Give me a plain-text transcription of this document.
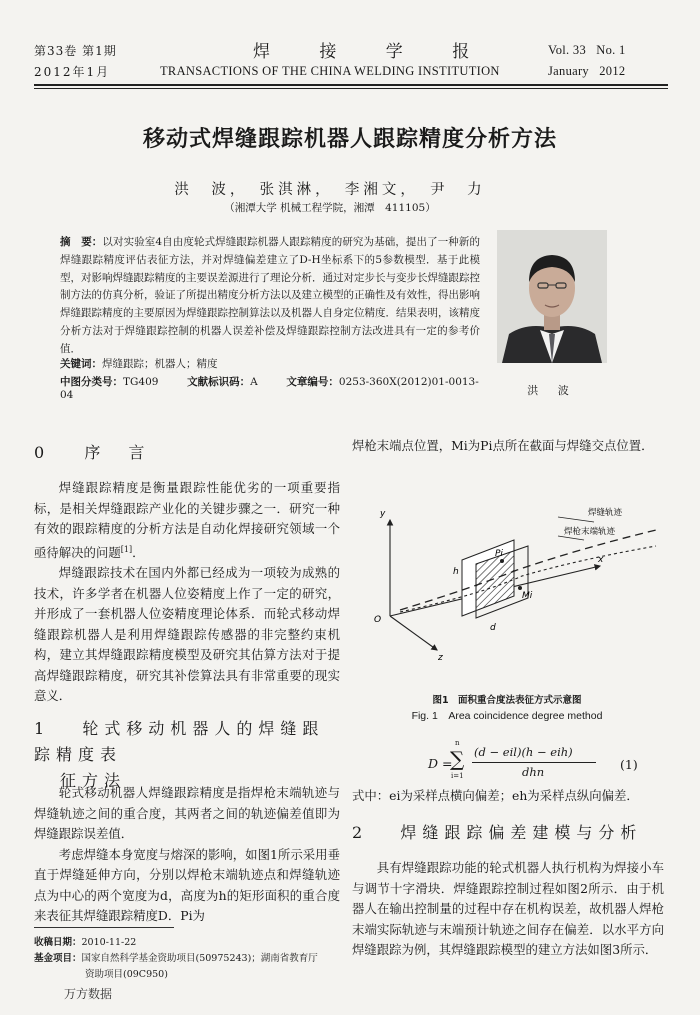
第33卷 第1期
2012年1月
焊 接 学 报
TRANSACTIONS OF THE CHINA WELDING INSTITUTION
Vol. 33   No. 1
January   2012
移动式焊缝跟踪机器人跟踪精度分析方法
洪　波，　张淇淋，　李湘文，　尹　力
（湘潭大学 机械工程学院，湘潭　411105）
摘　要：以对实验室4自由度轮式焊缝跟踪机器人跟踪精度的研究为基础，提出了一种新的焊缝跟踪精度评估表征方法，并对焊缝偏差建立了D-H坐标系下的5参数模型．基于此模型，对影响焊缝跟踪精度的主要误差源进行了理论分析．通过对定步长与变步长焊缝跟踪控制方法的仿真分析，验证了所提出精度分析方法以及建立模型的正确性及有效性，得出影响焊缝跟踪精度的主要原因为焊缝跟踪控制算法以及机器人自身定位精度．结果表明，该精度分析方法对于焊缝跟踪控制的机器人误差补偿及焊缝跟踪控制方法改进具有一定的参考价值．
关键词：焊缝跟踪；机器人；精度
中图分类号：TG409	文献标识码：A	文章编号：0253-360X(2012)01-0013-04	洪 波
0 序　言

焊缝跟踪精度是衡量跟踪性能优劣的一项重要指标，是相关焊缝跟踪产业化的关键步骤之一．研究一种有效的跟踪精度的分析方法是自动化焊接研究领域一个亟待解决的问题[1]．

焊缝跟踪技术在国内外都已经成为一项较为成熟的技术，许多学者在机器人位姿精度上作了一定的研究，并形成了一套机器人位姿精度理论体系．而轮式移动焊缝跟踪机器人是利用焊缝跟踪传感器的非完整约束机构，建立其焊缝跟踪精度模型及研究其估算方法对于提高焊缝跟踪精度，研究其补偿算法具有非常重要的现实意义．

1 轮式移动机器人的焊缝跟踪精度表
征方法

轮式移动机器人焊缝跟踪精度是指焊枪末端轨迹与焊缝轨迹之间的重合度，其两者之间的轨迹偏差值即为焊缝跟踪误差值．

考虑焊缝本身宽度与熔深的影响，如图1所示采用垂直于焊缝延伸方向，分别以焊枪末端轨迹点和焊缝轨迹点为中心的两个宽度为d，高度为h的矩形面积的重合度来表征其焊缝跟踪精度D．Pi为

收稿日期：2010-11-22
基金项目：国家自然科学基金资助项目(50975243)；湖南省教育厅
资助项目(09C950)
万方数据
焊枪末端点位置，Mi为Pi点所在截面与焊缝交点位置．
y
x
z
O
h
d
Pi
Mi
焊缝轨迹
焊枪末端轨迹
图1　面积重合度法表征方式示意图
Fig. 1　Area coincidence degree method
D =
n
∑
i=1
(d − eil)(h − eih)
dhn	(1)
式中：ei为采样点横向偏差；eh为采样点纵向偏差．
2 焊缝跟踪偏差建模与分析

具有焊缝跟踪功能的轮式机器人执行机构为焊接小车与调节十字滑块．焊缝跟踪控制过程如图2所示．由于机器人在输出控制量的过程中存在机构误差，故机器人焊枪末端实际轨迹与末端预计轨迹之间存在偏差．以水平方向焊缝跟踪为例，其焊缝跟踪模型的建立方法如图3所示．
